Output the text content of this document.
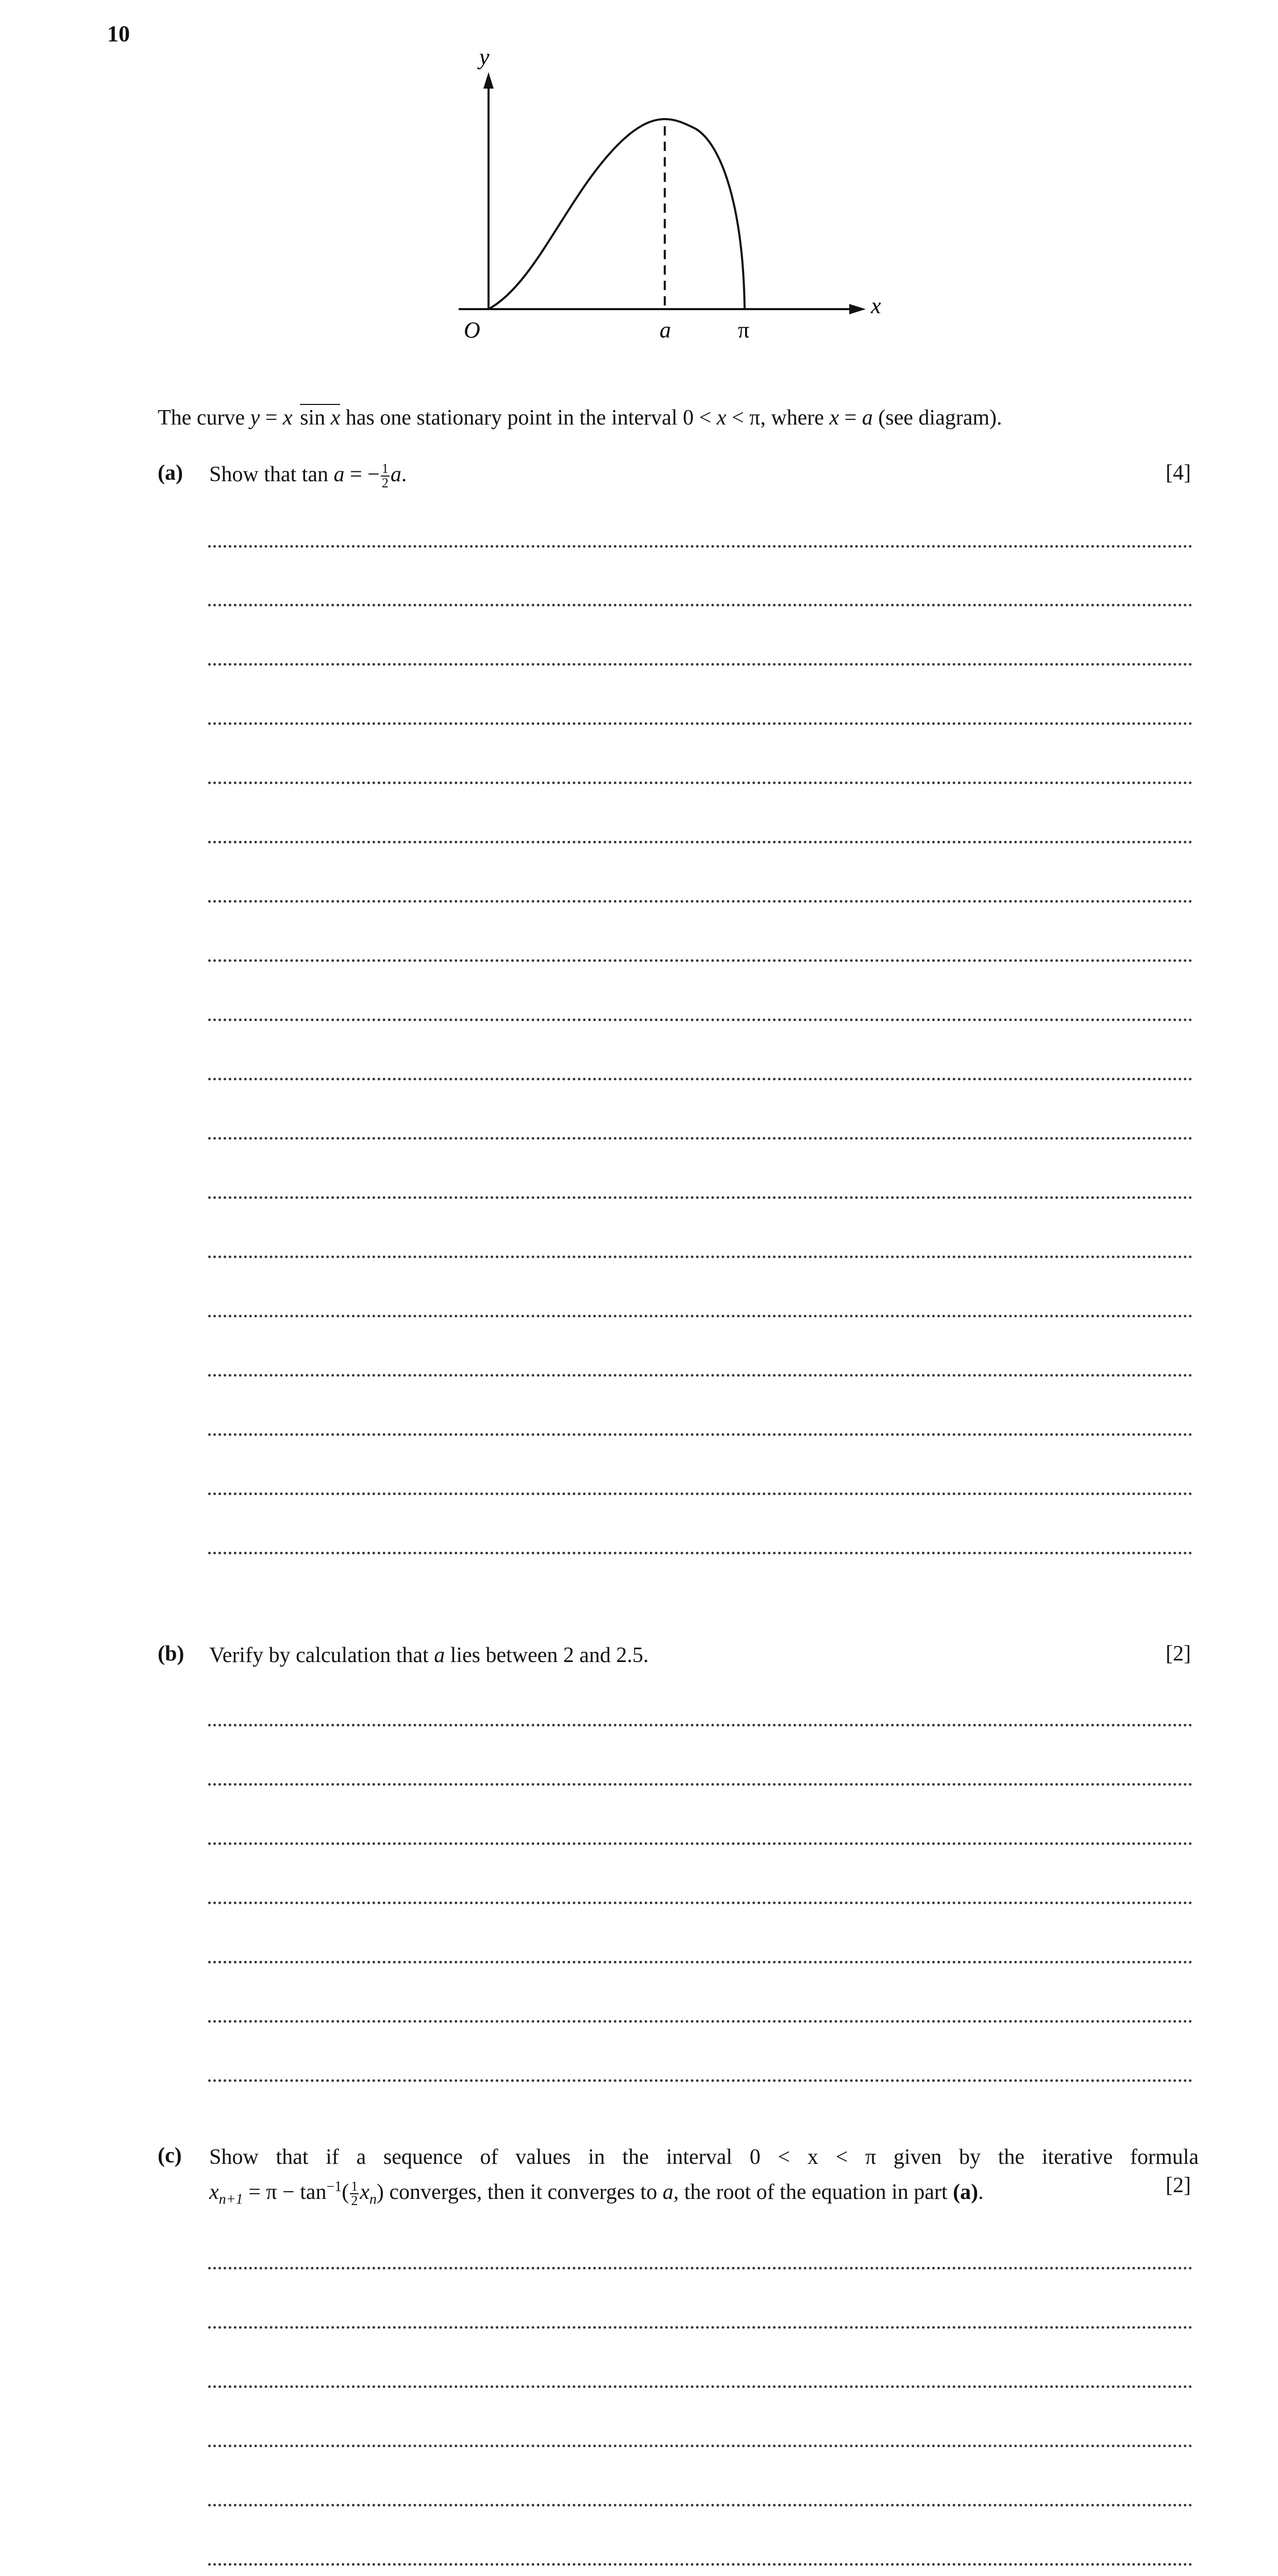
10
y
x
O	a	π
The curve y = x sin x has one stationary point in the interval 0 < x < π, where x = a (see diagram).
(a) Show that tan a = − $\frac{1}{2} a$.	[4]
(b) Verify by calculation that a lies between 2 and 2.5.	[2]
(c) Show that if a sequence of values in the interval 0 < x < π given by the iterative formula
$x_{n+1} = \pi - \tan^{-1}( \frac{1}{2} x_n)$ converges, then it converges to a, the root of the equation in part (a).	[2]
